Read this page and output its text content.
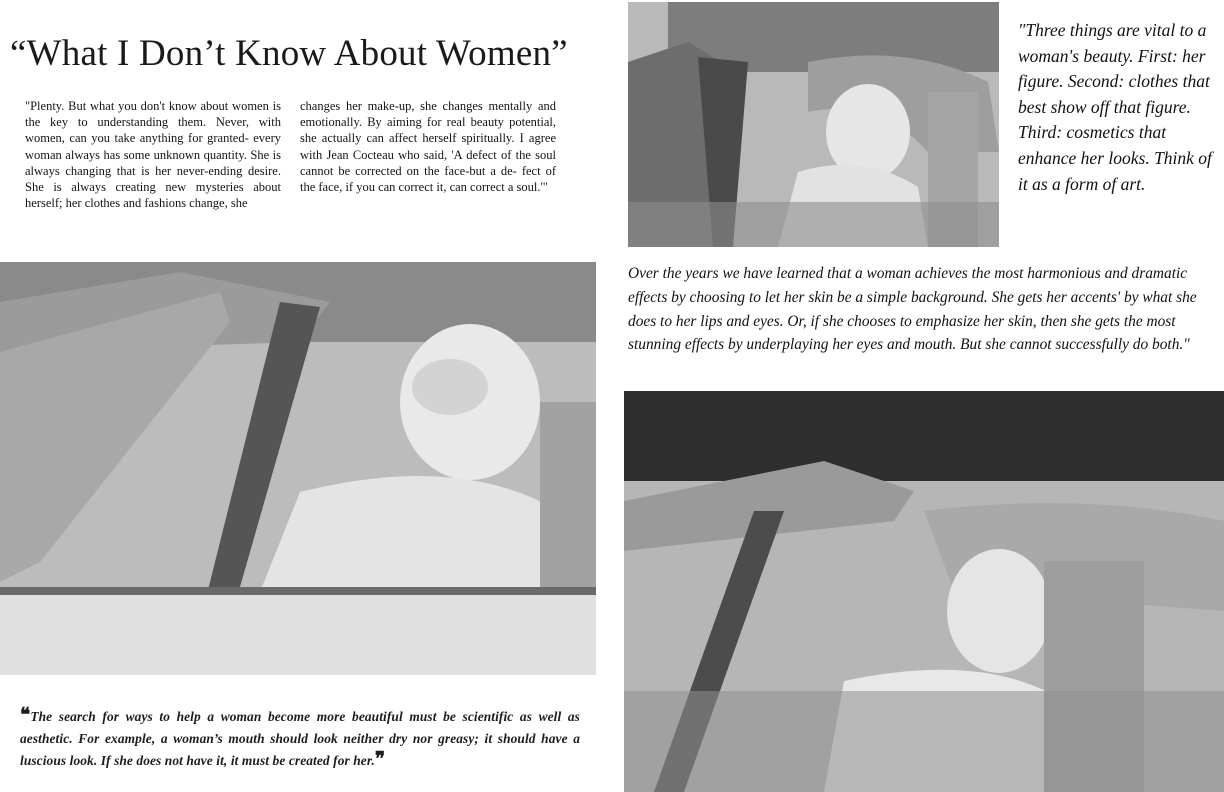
“What I Don’t Know About Women”
"Plenty. But what you don't know about women is the key to understanding them. Never, with women, can you take anything for granted- every woman always has some unknown quantity. She is always changing that is her never-ending desire. She is always creating new mysteries about herself; her clothes and fashions change, she
changes her make-up, she changes mentally and emotionally. By aiming for real beauty potential, she actually can affect herself spiritually. I agree with Jean Cocteau who said, 'A defect of the soul cannot be corrected on the face-but a de- fect of the face, if you can correct it, can correct a soul.'"
"Three things are vital to a woman's beauty. First: her figure. Second: clothes that best show off that figure. Third: cosmetics that enhance her looks. Think of it as a form of art.
Over the years we have learned that a woman achieves the most harmonious and dramatic effects by choosing to let her skin be a simple background. She gets her accents' by what she does to her lips and eyes. Or, if she chooses to emphasize her skin, then she gets the most stunning effects by underplaying her eyes and mouth. But she cannot successfully do both."
❝The search for ways to help a woman become more beautiful must be scientific as well as aesthetic. For example, a woman’s mouth should look neither dry nor greasy; it should have a luscious look. If she does not have it, it must be created for her.❞
